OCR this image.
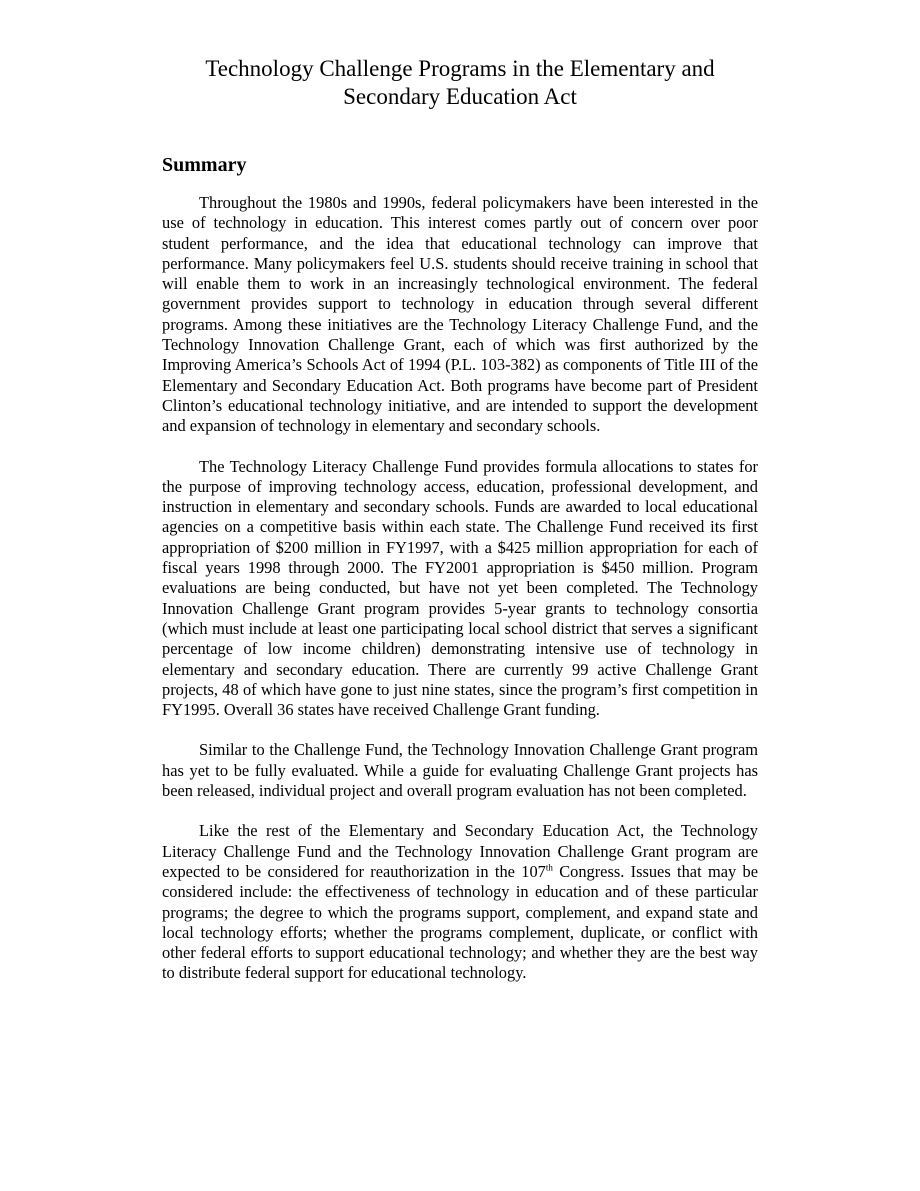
Technology Challenge Programs in the Elementary and
Secondary Education Act
Summary

Throughout the 1980s and 1990s, federal policymakers have been interested in the use of technology in education. This interest comes partly out of concern over poor student performance, and the idea that educational technology can improve that performance. Many policymakers feel U.S. students should receive training in school that will enable them to work in an increasingly technological environment. The federal government provides support to technology in education through several different programs. Among these initiatives are the Technology Literacy Challenge Fund, and the Technology Innovation Challenge Grant, each of which was first authorized by the Improving America’s Schools Act of 1994 (P.L. 103-382) as components of Title III of the Elementary and Secondary Education Act. Both programs have become part of President Clinton’s educational technology initiative, and are intended to support the development and expansion of technology in elementary and secondary schools.

The Technology Literacy Challenge Fund provides formula allocations to states for the purpose of improving technology access, education, professional development, and instruction in elementary and secondary schools. Funds are awarded to local educational agencies on a competitive basis within each state. The Challenge Fund received its first appropriation of $200 million in FY1997, with a $425 million appropriation for each of fiscal years 1998 through 2000. The FY2001 appropriation is $450 million. Program evaluations are being conducted, but have not yet been completed. The Technology Innovation Challenge Grant program provides 5-year grants to technology consortia (which must include at least one participating local school district that serves a significant percentage of low income children) demonstrating intensive use of technology in elementary and secondary education. There are currently 99 active Challenge Grant projects, 48 of which have gone to just nine states, since the program’s first competition in FY1995. Overall 36 states have received Challenge Grant funding.

Similar to the Challenge Fund, the Technology Innovation Challenge Grant program has yet to be fully evaluated. While a guide for evaluating Challenge Grant projects has been released, individual project and overall program evaluation has not been completed.

Like the rest of the Elementary and Secondary Education Act, the Technology Literacy Challenge Fund and the Technology Innovation Challenge Grant program are expected to be considered for reauthorization in the 107th Congress. Issues that may be considered include: the effectiveness of technology in education and of these particular programs; the degree to which the programs support, complement, and expand state and local technology efforts; whether the programs complement, duplicate, or conflict with other federal efforts to support educational technology; and whether they are the best way to distribute federal support for educational technology.
